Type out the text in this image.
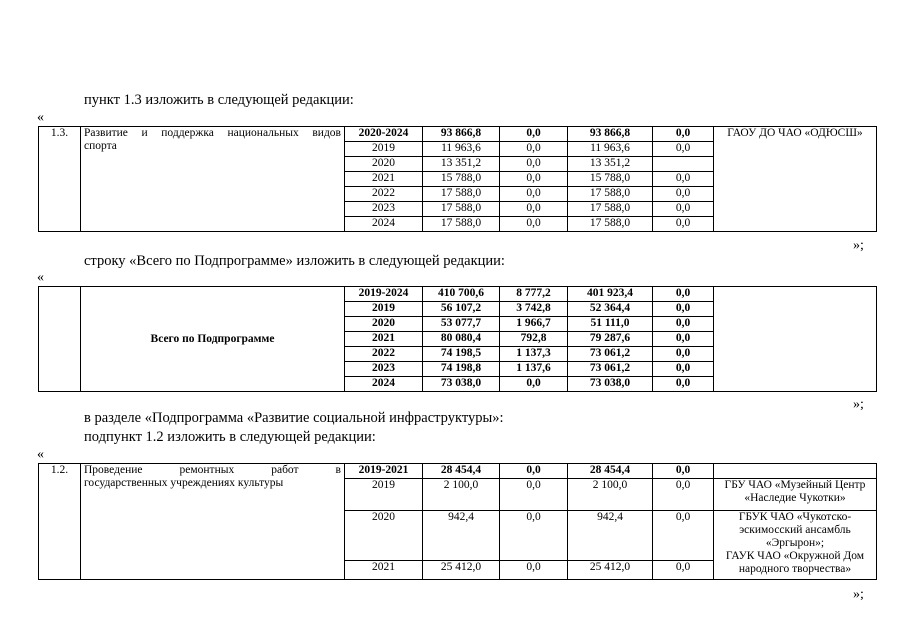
пункт 1.3 изложить в следующей редакции:
«
1.3.	Развитие и поддержка национальных видов
спорта	2020-2024	93 866,8	0,0	93 866,8	0,0	ГАОУ ДО ЧАО «ОДЮСШ»
		2019	11 963,6	0,0	11 963,6	0,0	
		2020	13 351,2	0,0	13 351,2		
		2021	15 788,0	0,0	15 788,0	0,0	
		2022	17 588,0	0,0	17 588,0	0,0	
		2023	17 588,0	0,0	17 588,0	0,0	
		2024	17 588,0	0,0	17 588,0	0,0	
»;
строку «Всего по Подпрограмме» изложить в следующей редакции:
«
	Всего по Подпрограмме	2019-2024	410 700,6	8 777,2	401 923,4	0,0	
		2019	56 107,2	3 742,8	52 364,4	0,0	
		2020	53 077,7	1 966,7	51 111,0	0,0	
		2021	80 080,4	792,8	79 287,6	0,0	
		2022	74 198,5	1 137,3	73 061,2	0,0	
		2023	74 198,8	1 137,6	73 061,2	0,0	
		2024	73 038,0	0,0	73 038,0	0,0	
»;
в разделе «Подпрограмма «Развитие социальной инфраструктуры»:
подпункт 1.2 изложить в следующей редакции:
«
1.2.	Проведение ремонтных работ в
государственных учреждениях культуры	2019-2021	28 454,4	0,0	28 454,4	0,0	
		2019	2 100,0	0,0	2 100,0	0,0	ГБУ ЧАО «Музейный Центр «Наследие Чукотки»
		2020	942,4	0,0	942,4	0,0	ГБУК ЧАО «Чукотско-эскимосский ансамбль «Эргырон»;
ГАУК ЧАО «Окружной Дом народного творчества»

		2021	25 412,0	0,0	25 412,0	0,0	
»;
